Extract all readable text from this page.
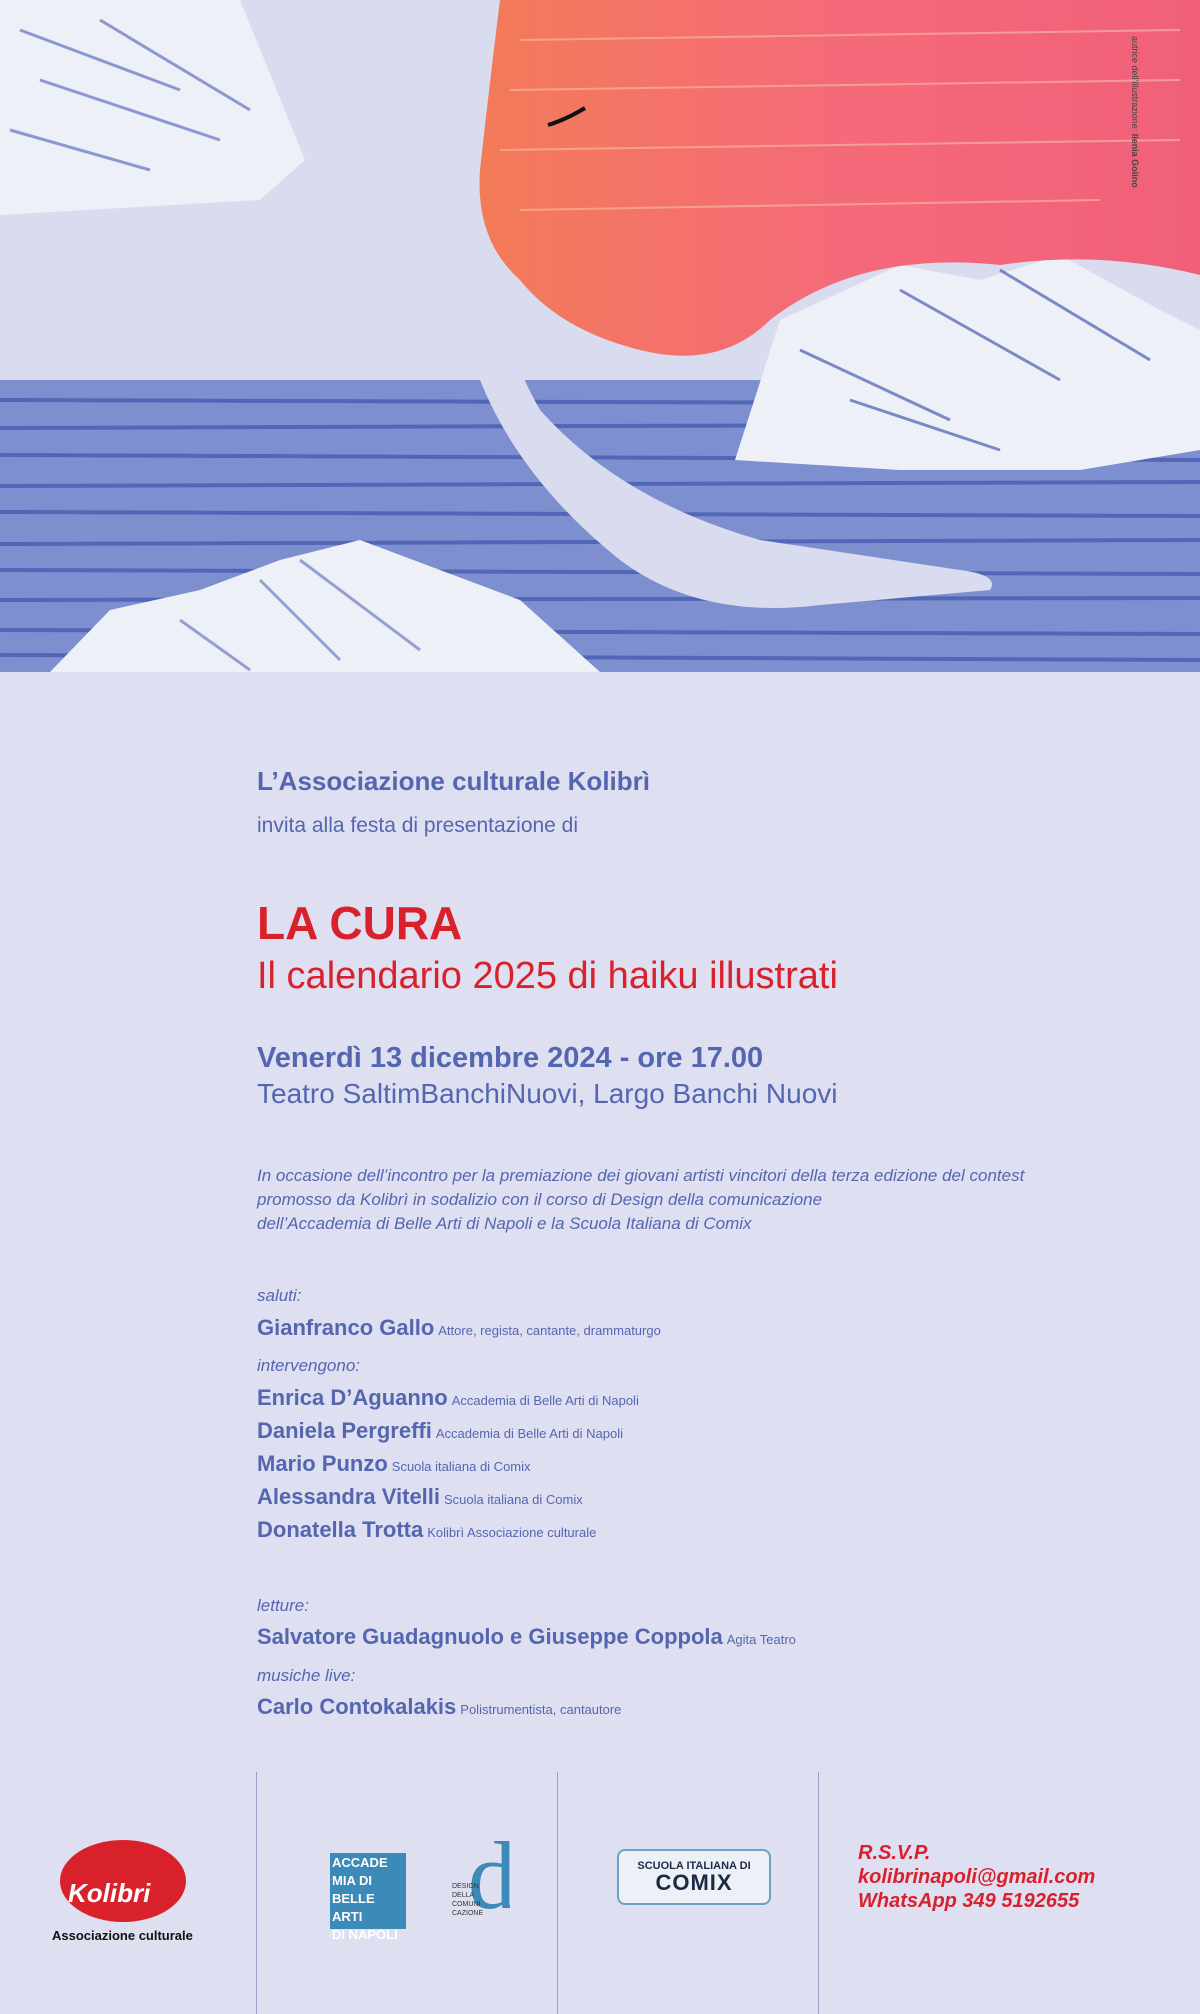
autrice dell'illustrazione: Ilenia Golino
L’Associazione culturale Kolibrì
invita alla festa di presentazione di
LA CURA
Il calendario 2025 di haiku illustrati
Venerdì 13 dicembre 2024 - ore 17.00
Teatro SaltimBanchiNuovi, Largo Banchi Nuovi
In occasione dell’incontro per la premiazione dei giovani artisti vincitori della terza edizione del contest
promosso da Kolibrì in sodalizio con il corso di Design della comunicazione
dell’Accademia di Belle Arti di Napoli e la Scuola Italiana di Comix
saluti:
Gianfranco Gallo Attore, regista, cantante, drammaturgo
intervengono:
Enrica D’Aguanno Accademia di Belle Arti di Napoli
Daniela Pergreffi Accademia di Belle Arti di Napoli
Mario Punzo Scuola italiana di Comix
Alessandra Vitelli Scuola italiana di Comix
Donatella Trotta Kolibrì Associazione culturale
letture:
Salvatore Guadagnuolo e Giuseppe Coppola Agita Teatro
musiche live:
Carlo Contokalakis Polistrumentista, cantautore
Kolibri
Associazione culturale
ACCADE
MIA DI
BELLE ARTI
DI NAPOLI
d
DESIGN
DELLA
COMUNI
CAZIONE
SCUOLA ITALIANA DI
COMIX
R.S.V.P.
kolibrinapoli@gmail.com
WhatsApp 349 5192655
